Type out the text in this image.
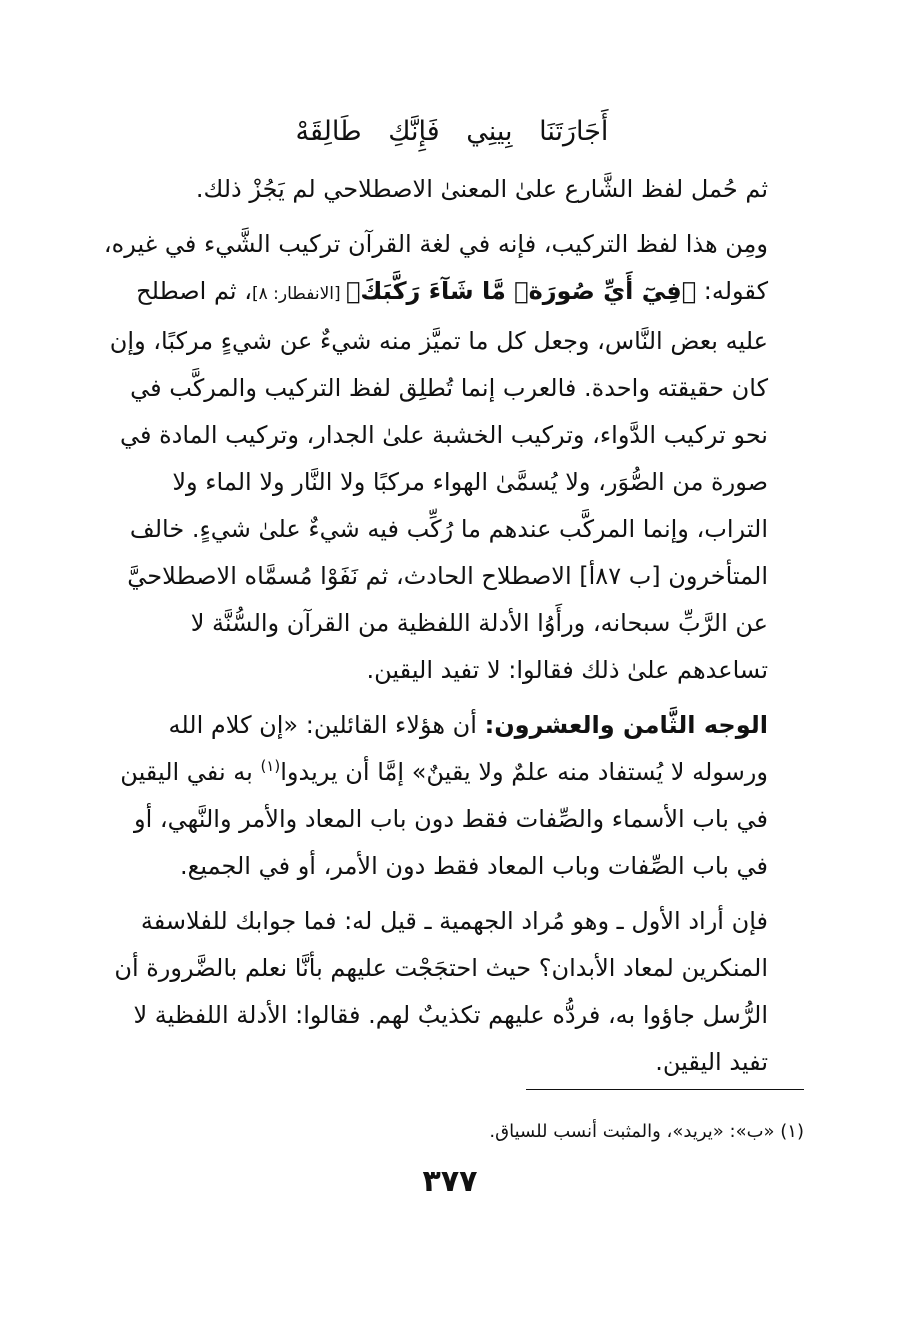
أَجَارَتَنَا بِينِي فَإِنَّكِ طَالِقَهْ

ثم حُمل لفظ الشَّارع علىٰ المعنىٰ الاصطلاحي لم يَجُزْ ذلك.

ومِن هذا لفظ التركيب، فإنه في لغة القرآن تركيب الشَّيء في غيره، كقوله: ﴿فِيٓ أَيِّ صُورَةٖ مَّا شَآءَ رَكَّبَكَ﴾ [الانفطار: ٨]، ثم اصطلح عليه بعض النَّاس، وجعل كل ما تميَّز منه شيءٌ عن شيءٍ مركبًا، وإن كان حقيقته واحدة. فالعرب إنما تُطلِق لفظ التركيب والمركَّب في نحو تركيب الدَّواء، وتركيب الخشبة علىٰ الجدار، وتركيب المادة في صورة من الصُّوَر، ولا يُسمَّىٰ الهواء مركبًا ولا النَّار ولا الماء ولا التراب، وإنما المركَّب عندهم ما رُكِّب فيه شيءٌ علىٰ شيءٍ. خالف المتأخرون [ب ٨٧أ] الاصطلاح الحادث، ثم نَفَوْا مُسمَّاه الاصطلاحيَّ عن الرَّبِّ سبحانه، ورأَوُا الأدلة اللفظية من القرآن والسُّنَّة لا تساعدهم علىٰ ذلك فقالوا: لا تفيد اليقين.

الوجه الثَّامن والعشرون: أن هؤلاء القائلين: «إن كلام الله ورسوله لا يُستفاد منه علمٌ ولا يقينٌ» إمَّا أن يريدوا$^{(١)}$ به نفي اليقين في باب الأسماء والصِّفات فقط دون باب المعاد والأمر والنَّهي، أو في باب الصِّفات وباب المعاد فقط دون الأمر، أو في الجميع.

فإن أراد الأول ـ وهو مُراد الجهمية ـ قيل له: فما جوابك للفلاسفة المنكرين لمعاد الأبدان؟ حيث احتجَجْت عليهم بأنَّا نعلم بالضَّرورة أن الرُّسل جاؤوا به، فردُّه عليهم تكذيبٌ لهم. فقالوا: الأدلة اللفظية لا تفيد اليقين.

(١) «ب»: «يريد»، والمثبت أنسب للسياق.
٣٧٧
